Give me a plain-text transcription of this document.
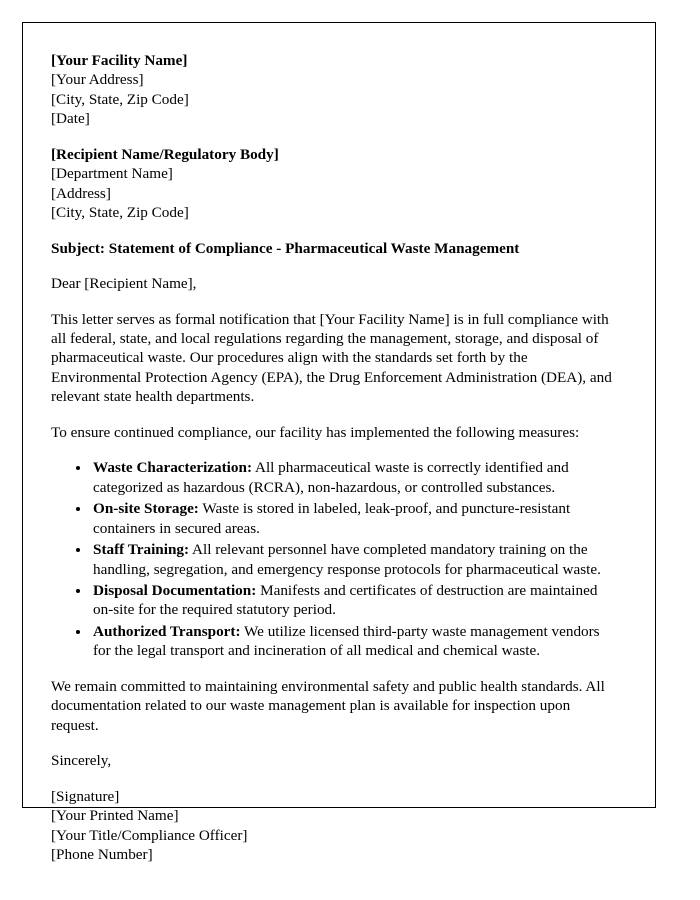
[Your Facility Name]
[Your Address]
[City, State, Zip Code]
[Date]
[Recipient Name/Regulatory Body]
[Department Name]
[Address]
[City, State, Zip Code]
Subject: Statement of Compliance - Pharmaceutical Waste Management
Dear [Recipient Name],
This letter serves as formal notification that [Your Facility Name] is in full compliance with all federal, state, and local regulations regarding the management, storage, and disposal of pharmaceutical waste. Our procedures align with the standards set forth by the Environmental Protection Agency (EPA), the Drug Enforcement Administration (DEA), and relevant state health departments.
To ensure continued compliance, our facility has implemented the following measures:
• Waste Characterization: All pharmaceutical waste is correctly identified and categorized as hazardous (RCRA), non-hazardous, or controlled substances.
• On-site Storage: Waste is stored in labeled, leak-proof, and puncture-resistant containers in secured areas.
• Staff Training: All relevant personnel have completed mandatory training on the handling, segregation, and emergency response protocols for pharmaceutical waste.
• Disposal Documentation: Manifests and certificates of destruction are maintained on-site for the required statutory period.
• Authorized Transport: We utilize licensed third-party waste management vendors for the legal transport and incineration of all medical and chemical waste.
We remain committed to maintaining environmental safety and public health standards. All documentation related to our waste management plan is available for inspection upon request.
Sincerely,
[Signature]
[Your Printed Name]
[Your Title/Compliance Officer]
[Phone Number]
